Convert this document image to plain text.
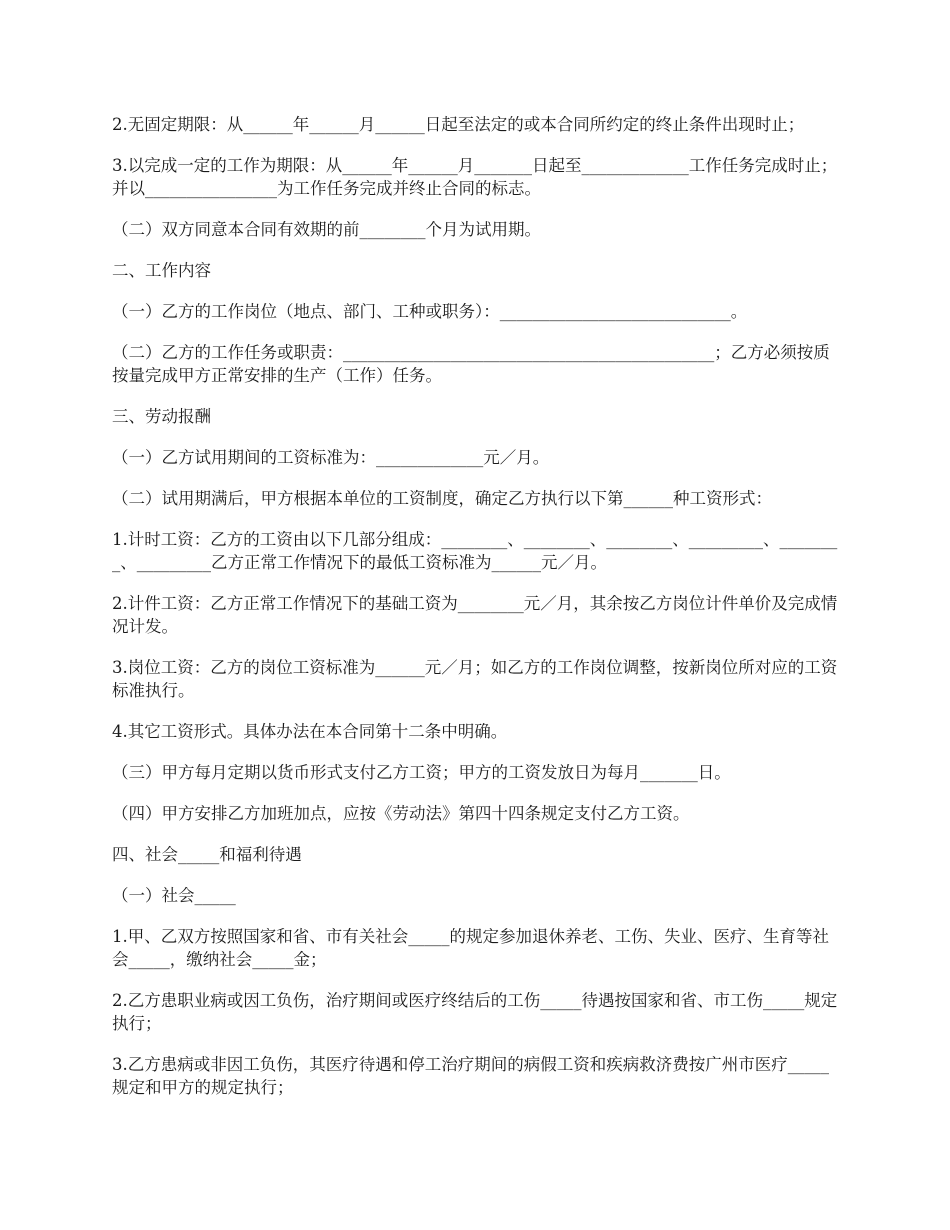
2.无固定期限：从______年______月______日起至法定的或本合同所约定的终止条件出现时止；

3.以完成一定的工作为期限：从______年______月_______日起至_____________工作任务完成时止；并以________________为工作任务完成并终止合同的标志。

（二）双方同意本合同有效期的前________个月为试用期。

二、工作内容

（一）乙方的工作岗位（地点、部门、工种或职务）：____________________________。

（二）乙方的工作任务或职责：_____________________________________________；乙方必须按质按量完成甲方正常安排的生产（工作）任务。

三、劳动报酬

（一）乙方试用期间的工资标准为：_____________元／月。

（二）试用期满后，甲方根据本单位的工资制度，确定乙方执行以下第______种工资形式：

1.计时工资：乙方的工资由以下几部分组成：________、________、________、_________、________、_________乙方正常工作情况下的最低工资标准为______元／月。

2.计件工资：乙方正常工作情况下的基础工资为________元／月，其余按乙方岗位计件单价及完成情况计发。

3.岗位工资：乙方的岗位工资标准为______元／月；如乙方的工作岗位调整，按新岗位所对应的工资标准执行。

4.其它工资形式。具体办法在本合同第十二条中明确。

（三）甲方每月定期以货币形式支付乙方工资；甲方的工资发放日为每月_______日。

（四）甲方安排乙方加班加点，应按《劳动法》第四十四条规定支付乙方工资。

四、社会_____和福利待遇

（一）社会_____

1.甲、乙双方按照国家和省、市有关社会_____的规定参加退休养老、工伤、失业、医疗、生育等社会_____，缴纳社会_____金；

2.乙方患职业病或因工负伤，治疗期间或医疗终结后的工伤_____待遇按国家和省、市工伤_____规定执行；

3.乙方患病或非因工负伤，其医疗待遇和停工治疗期间的病假工资和疾病救济费按广州市医疗_____规定和甲方的规定执行；
